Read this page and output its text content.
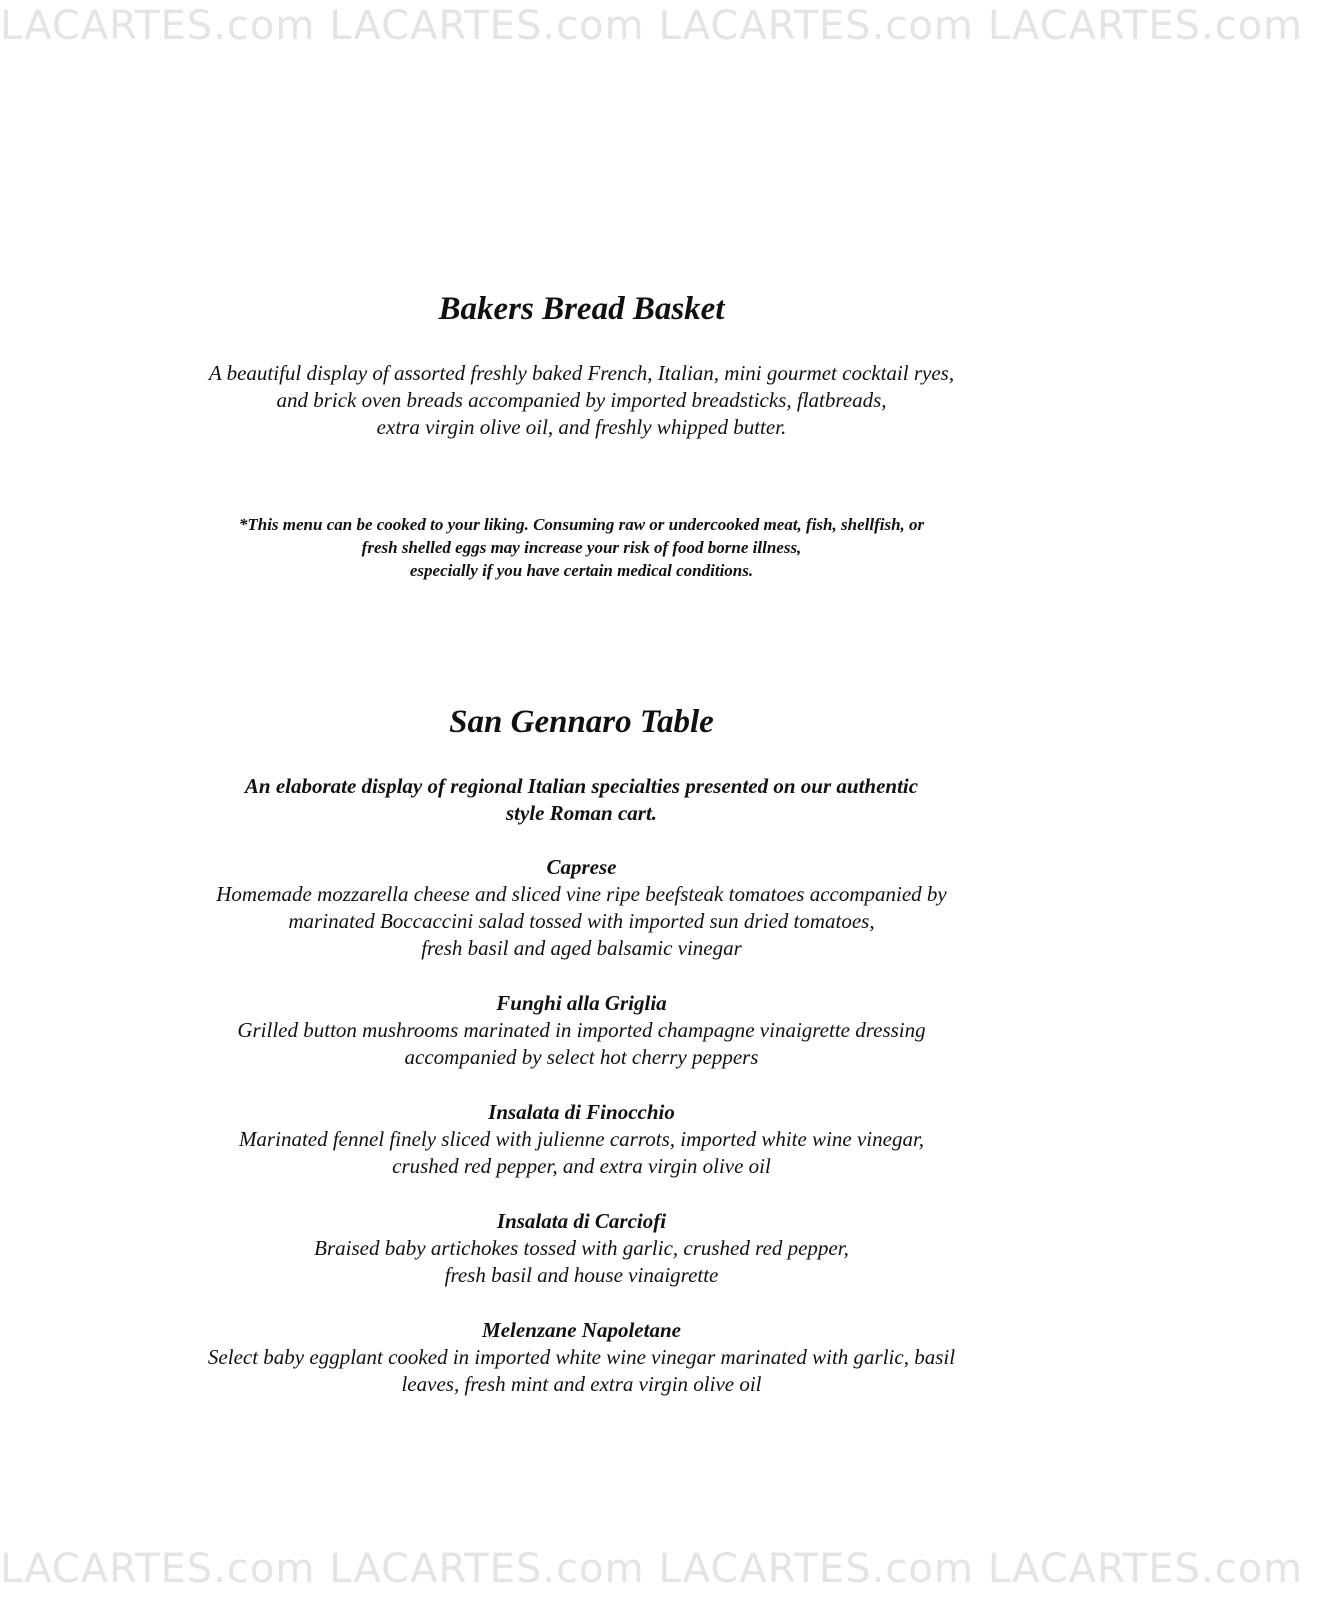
LACARTES.com LACARTES.com LACARTES.com LACARTES.com
LACARTES.com LACARTES.com LACARTES.com LACARTES.com
Bakers Bread Basket
A beautiful display of assorted freshly baked French, Italian, mini gourmet cocktail ryes,
and brick oven breads accompanied by imported breadsticks, flatbreads,
extra virgin olive oil, and freshly whipped butter.
*This menu can be cooked to your liking. Consuming raw or undercooked meat, fish, shellfish, or
fresh shelled eggs may increase your risk of food borne illness,
especially if you have certain medical conditions.
San Gennaro Table
An elaborate display of regional Italian specialties presented on our authentic
style Roman cart.
Caprese
Homemade mozzarella cheese and sliced vine ripe beefsteak tomatoes accompanied by
marinated Boccaccini salad tossed with imported sun dried tomatoes,
fresh basil and aged balsamic vinegar
Funghi alla Griglia
Grilled button mushrooms marinated in imported champagne vinaigrette dressing
accompanied by select hot cherry peppers
Insalata di Finocchio
Marinated fennel finely sliced with julienne carrots, imported white wine vinegar,
crushed red pepper, and extra virgin olive oil
Insalata di Carciofi
Braised baby artichokes tossed with garlic, crushed red pepper,
fresh basil and house vinaigrette
Melenzane Napoletane
Select baby eggplant cooked in imported white wine vinegar marinated with garlic, basil
leaves, fresh mint and extra virgin olive oil
